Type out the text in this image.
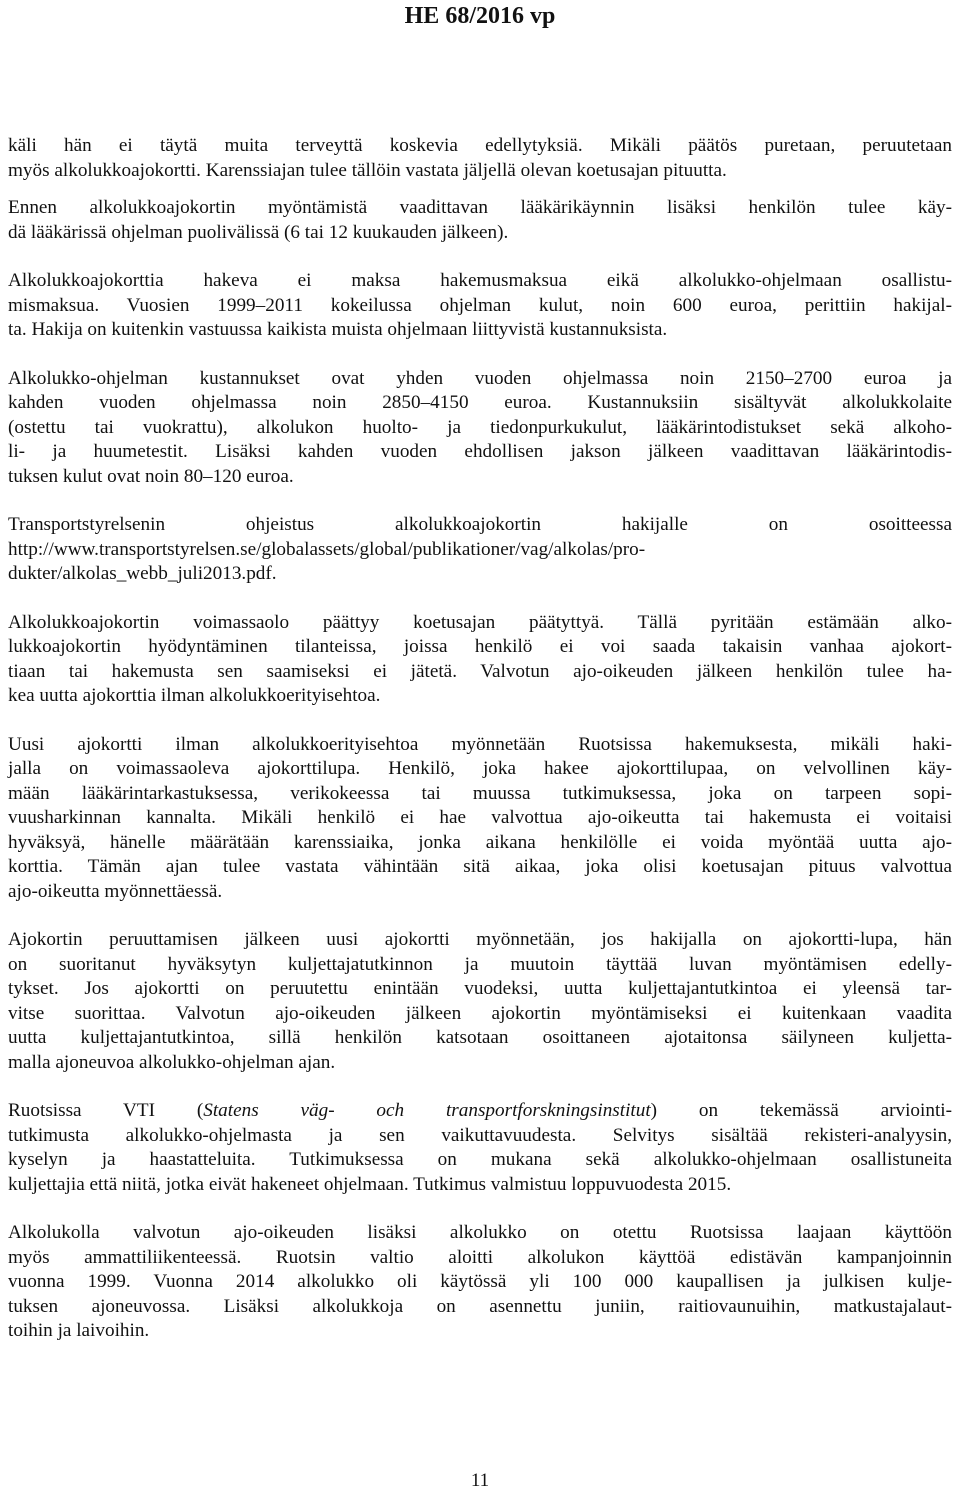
HE 68/2016 vp

käli hän ei täytä muita terveyttä koskevia edellytyksiä. Mikäli päätös puretaan, peruutetaan
myös alkolukkoajokortti. Karenssiajan tulee tällöin vastata jäljellä olevan koetusajan pituutta.

Ennen alkolukkoajokortin myöntämistä vaadittavan lääkärikäynnin lisäksi henkilön tulee käy-
dä lääkärissä ohjelman puolivälissä (6 tai 12 kuukauden jälkeen).

Alkolukkoajokorttia hakeva ei maksa hakemusmaksua eikä alkolukko-ohjelmaan osallistu-
mismaksua. Vuosien 1999–2011 kokeilussa ohjelman kulut, noin 600 euroa, perittiin hakijal-
ta. Hakija on kuitenkin vastuussa kaikista muista ohjelmaan liittyvistä kustannuksista.

Alkolukko-ohjelman kustannukset ovat yhden vuoden ohjelmassa noin 2150–2700 euroa ja
kahden vuoden ohjelmassa noin 2850–4150 euroa. Kustannuksiin sisältyvät alkolukkolaite
(ostettu tai vuokrattu), alkolukon huolto- ja tiedonpurkukulut, lääkärintodistukset sekä alkoho-
li- ja huumetestit. Lisäksi kahden vuoden ehdollisen jakson jälkeen vaadittavan lääkärintodis-
tuksen kulut ovat noin 80–120 euroa.

Transportstyrelsenin ohjeistus alkolukkoajokortin hakijalle on osoitteessa
http://www.transportstyrelsen.se/globalassets/global/publikationer/vag/alkolas/pro-
dukter/alkolas_webb_juli2013.pdf.

Alkolukkoajokortin voimassaolo päättyy koetusajan päätyttyä. Tällä pyritään estämään alko-
lukkoajokortin hyödyntäminen tilanteissa, joissa henkilö ei voi saada takaisin vanhaa ajokort-
tiaan tai hakemusta sen saamiseksi ei jätetä. Valvotun ajo-oikeuden jälkeen henkilön tulee ha-
kea uutta ajokorttia ilman alkolukkoerityisehtoa.

Uusi ajokortti ilman alkolukkoerityisehtoa myönnetään Ruotsissa hakemuksesta, mikäli haki-
jalla on voimassaoleva ajokorttilupa. Henkilö, joka hakee ajokorttilupaa, on velvollinen käy-
mään lääkärintarkastuksessa, verikokeessa tai muussa tutkimuksessa, joka on tarpeen sopi-
vuusharkinnan kannalta. Mikäli henkilö ei hae valvottua ajo-oikeutta tai hakemusta ei voitaisi
hyväksyä, hänelle määrätään karenssiaika, jonka aikana henkilölle ei voida myöntää uutta ajo-
korttia. Tämän ajan tulee vastata vähintään sitä aikaa, joka olisi koetusajan pituus valvottua
ajo-oikeutta myönnettäessä.

Ajokortin peruuttamisen jälkeen uusi ajokortti myönnetään, jos hakijalla on ajokortti-lupa, hän
on suoritanut hyväksytyn kuljettajatutkinnon ja muutoin täyttää luvan myöntämisen edelly-
tykset. Jos ajokortti on peruutettu enintään vuodeksi, uutta kuljettajantutkintoa ei yleensä tar-
vitse suorittaa. Valvotun ajo-oikeuden jälkeen ajokortin myöntämiseksi ei kuitenkaan vaadita
uutta kuljettajantutkintoa, sillä henkilön katsotaan osoittaneen ajotaitonsa säilyneen kuljetta-
malla ajoneuvoa alkolukko-ohjelman ajan.

Ruotsissa VTI (Statens väg- och transportforskningsinstitut) on tekemässä arviointi-
tutkimusta alkolukko-ohjelmasta ja sen vaikuttavuudesta. Selvitys sisältää rekisteri-analyysin,
kyselyn ja haastatteluita. Tutkimuksessa on mukana sekä alkolukko-ohjelmaan osallistuneita
kuljettajia että niitä, jotka eivät hakeneet ohjelmaan. Tutkimus valmistuu loppuvuodesta 2015.

Alkolukolla valvotun ajo-oikeuden lisäksi alkolukko on otettu Ruotsissa laajaan käyttöön
myös ammattiliikenteessä. Ruotsin valtio aloitti alkolukon käyttöä edistävän kampanjoinnin
vuonna 1999. Vuonna 2014 alkolukko oli käytössä yli 100 000 kaupallisen ja julkisen kulje-
tuksen ajoneuvossa. Lisäksi alkolukkoja on asennettu juniin, raitiovaunuihin, matkustajalaut-
toihin ja laivoihin.

11
